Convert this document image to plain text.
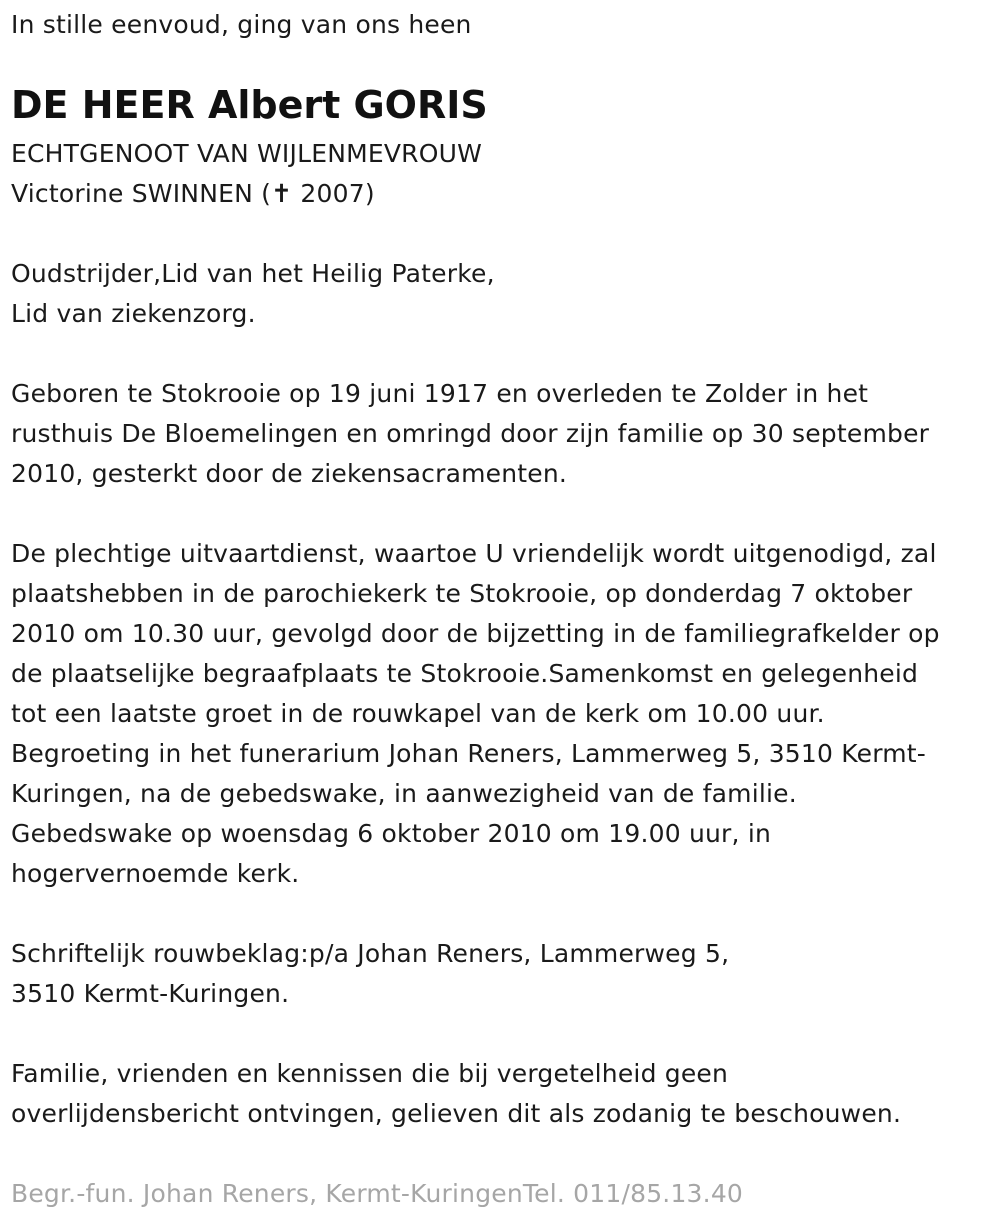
In stille eenvoud, ging van ons heen
DE HEER Albert GORIS
ECHTGENOOT VAN WIJLENMEVROUW
Victorine SWINNEN (✝ 2007)
Oudstrijder,Lid van het Heilig Paterke,
Lid van ziekenzorg.
Geboren te Stokrooie op 19 juni 1917 en overleden te Zolder in het
rusthuis De Bloemelingen en omringd door zijn familie op 30 september
2010, gesterkt door de ziekensacramenten.
De plechtige uitvaartdienst, waartoe U vriendelijk wordt uitgenodigd, zal
plaatshebben in de parochiekerk te Stokrooie, op donderdag 7 oktober
2010 om 10.30 uur, gevolgd door de bijzetting in de familiegrafkelder op
de plaatselijke begraafplaats te Stokrooie.Samenkomst en gelegenheid
tot een laatste groet in de rouwkapel van de kerk om 10.00 uur.
Begroeting in het funerarium Johan Reners, Lammerweg 5, 3510 Kermt-
Kuringen, na de gebedswake, in aanwezigheid van de familie.
Gebedswake op woensdag 6 oktober 2010 om 19.00 uur, in
hogervernoemde kerk.
Schriftelijk rouwbeklag:p/a Johan Reners, Lammerweg 5,
3510 Kermt-Kuringen.
Familie, vrienden en kennissen die bij vergetelheid geen
overlijdensbericht ontvingen, gelieven dit als zodanig te beschouwen.
Begr.-fun. Johan Reners, Kermt-KuringenTel. 011/85.13.40
